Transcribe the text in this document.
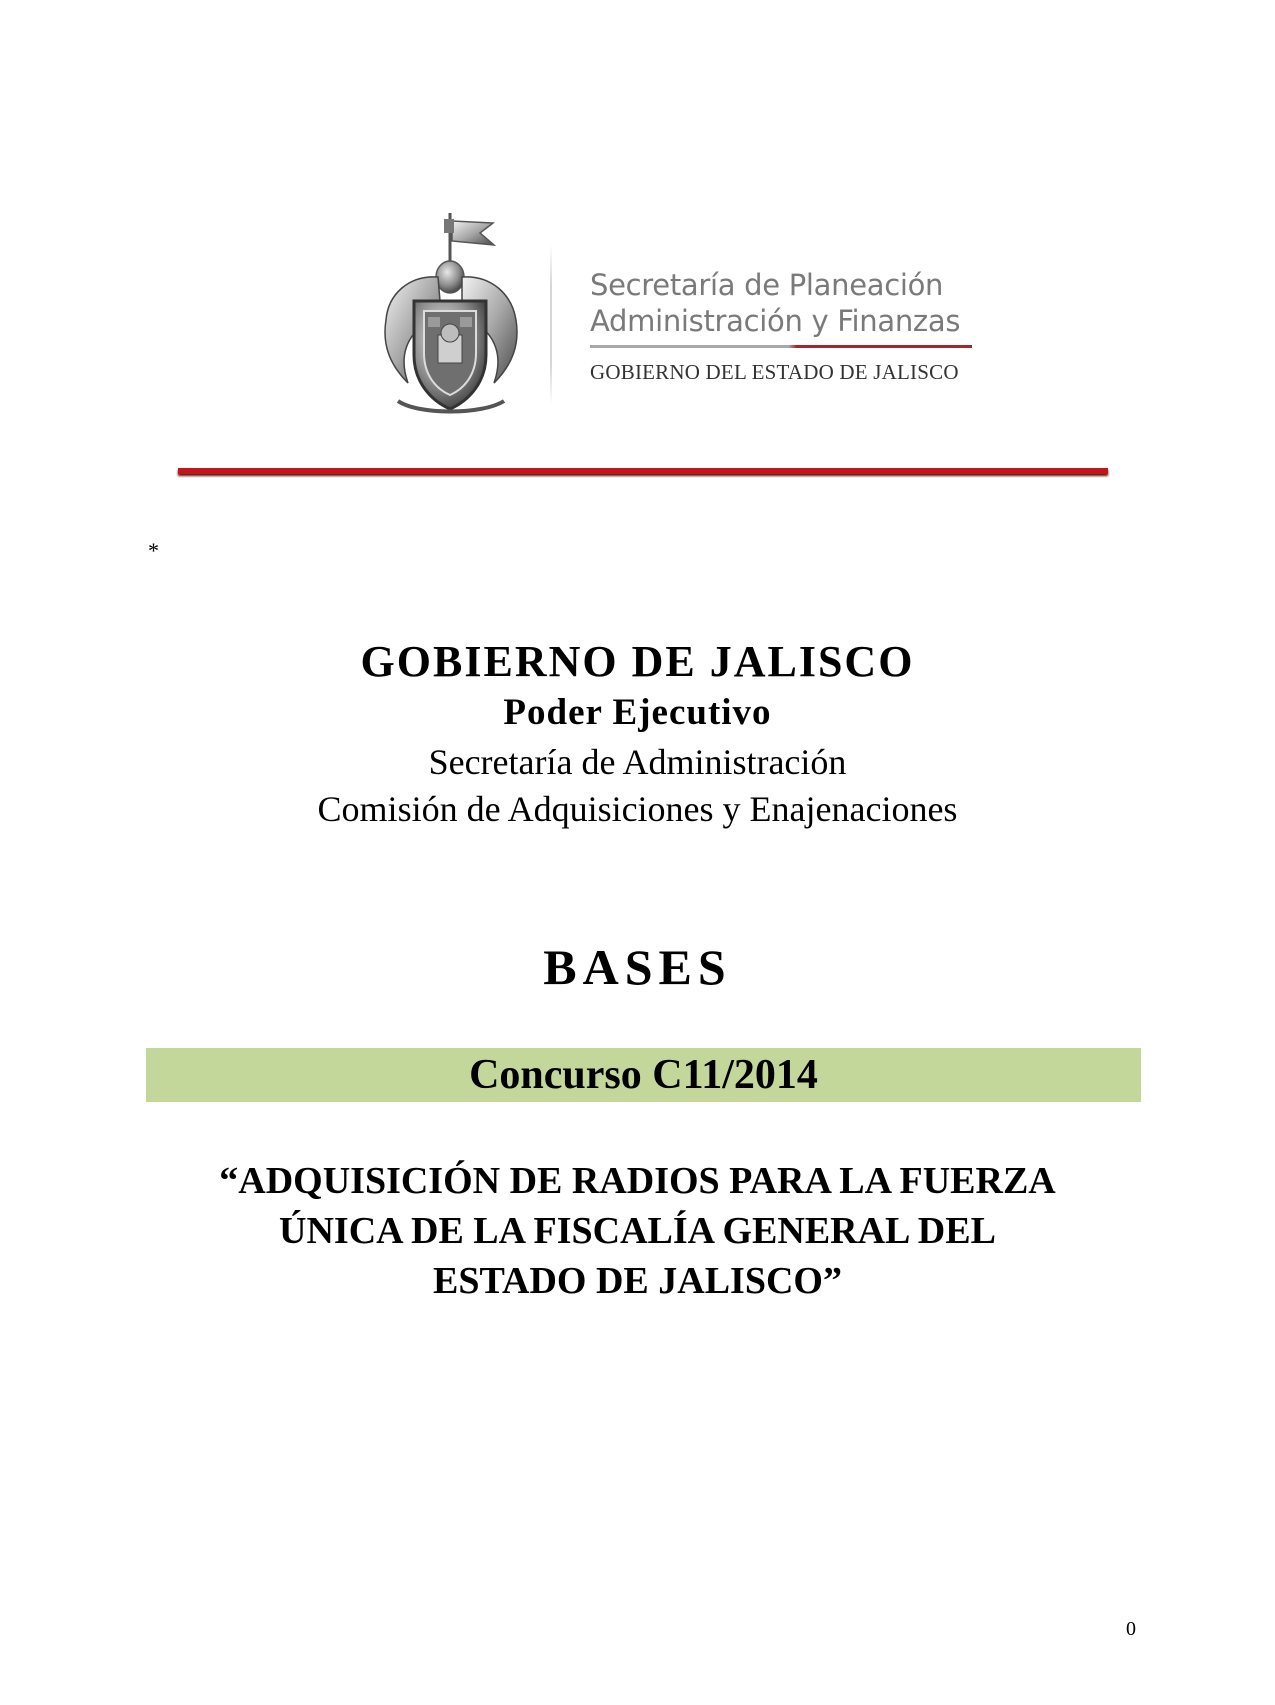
Secretaría de Planeación
Administración y Finanzas
GOBIERNO DEL ESTADO DE JALISCO
*
GOBIERNO DE JALISCO
Poder Ejecutivo
Secretaría de Administración
Comisión de Adquisiciones y Enajenaciones
BASES
Concurso C11/2014
“ADQUISICIÓN DE RADIOS PARA LA FUERZA
ÚNICA DE LA FISCALÍA GENERAL DEL
ESTADO DE JALISCO”
0
